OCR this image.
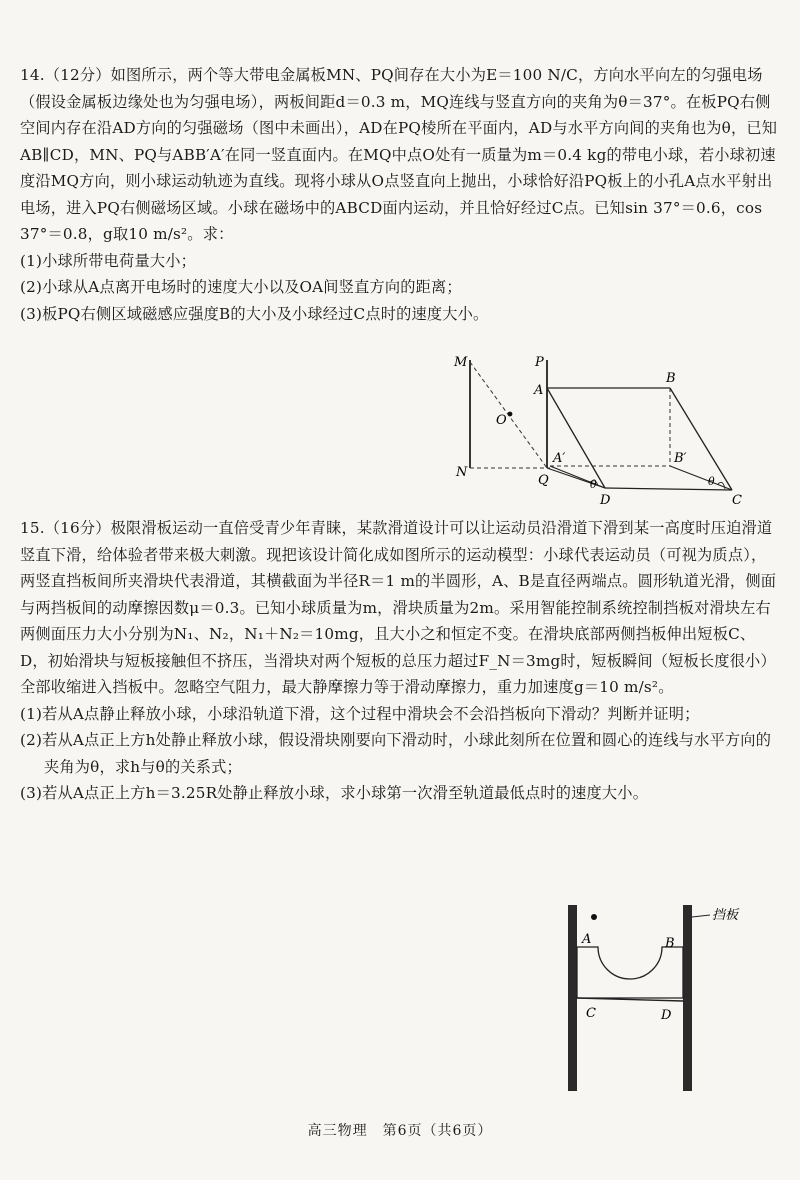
14.（12分）如图所示，两个等大带电金属板MN、PQ间存在大小为E＝100 N/C，方向水平向左的匀强电场（假设金属板边缘处也为匀强电场），两板间距d＝0.3 m，MQ连线与竖直方向的夹角为θ＝37°。在板PQ右侧空间内存在沿AD方向的匀强磁场（图中未画出），AD在PQ棱所在平面内，AD与水平方向间的夹角也为θ，已知AB∥CD，MN、PQ与ABB′A′在同一竖直面内。在MQ中点O处有一质量为m＝0.4 kg的带电小球，若小球初速度沿MQ方向，则小球运动轨迹为直线。现将小球从O点竖直向上抛出，小球恰好沿PQ板上的小孔A点水平射出电场，进入PQ右侧磁场区域。小球在磁场中的ABCD面内运动，并且恰好经过C点。已知sin 37°＝0.6，cos 37°＝0.8，g取10 m/s²。求：

(1)小球所带电荷量大小；

(2)小球从A点离开电场时的速度大小以及OA间竖直方向的距离；

(3)板PQ右侧区域磁感应强度B的大小及小球经过C点时的速度大小。

M	P
A
B
O
N
A′	B′
Q	θ	θ
D	C

15.（16分）极限滑板运动一直倍受青少年青睐，某款滑道设计可以让运动员沿滑道下滑到某一高度时压迫滑道竖直下滑，给体验者带来极大刺激。现把该设计简化成如图所示的运动模型：小球代表运动员（可视为质点），两竖直挡板间所夹滑块代表滑道，其横截面为半径R＝1 m的半圆形，A、B是直径两端点。圆形轨道光滑，侧面与两挡板间的动摩擦因数μ＝0.3。已知小球质量为m，滑块质量为2m。采用智能控制系统控制挡板对滑块左右两侧面压力大小分别为N₁、N₂，N₁＋N₂＝10mg，且大小之和恒定不变。在滑块底部两侧挡板伸出短板C、D，初始滑块与短板接触但不挤压，当滑块对两个短板的总压力超过F_N＝3mg时，短板瞬间（短板长度很小）全部收缩进入挡板中。忽略空气阻力，最大静摩擦力等于滑动摩擦力，重力加速度g＝10 m/s²。

(1)若从A点静止释放小球，小球沿轨道下滑，这个过程中滑块会不会沿挡板向下滑动？判断并证明；

(2)若从A点正上方h处静止释放小球，假设滑块刚要向下滑动时，小球此刻所在位置和圆心的连线与水平方向的夹角为θ，求h与θ的关系式；

(3)若从A点正上方h＝3.25R处静止释放小球，求小球第一次滑至轨道最低点时的速度大小。

A	B
C	D
挡板
高三物理　第6页（共6页）
